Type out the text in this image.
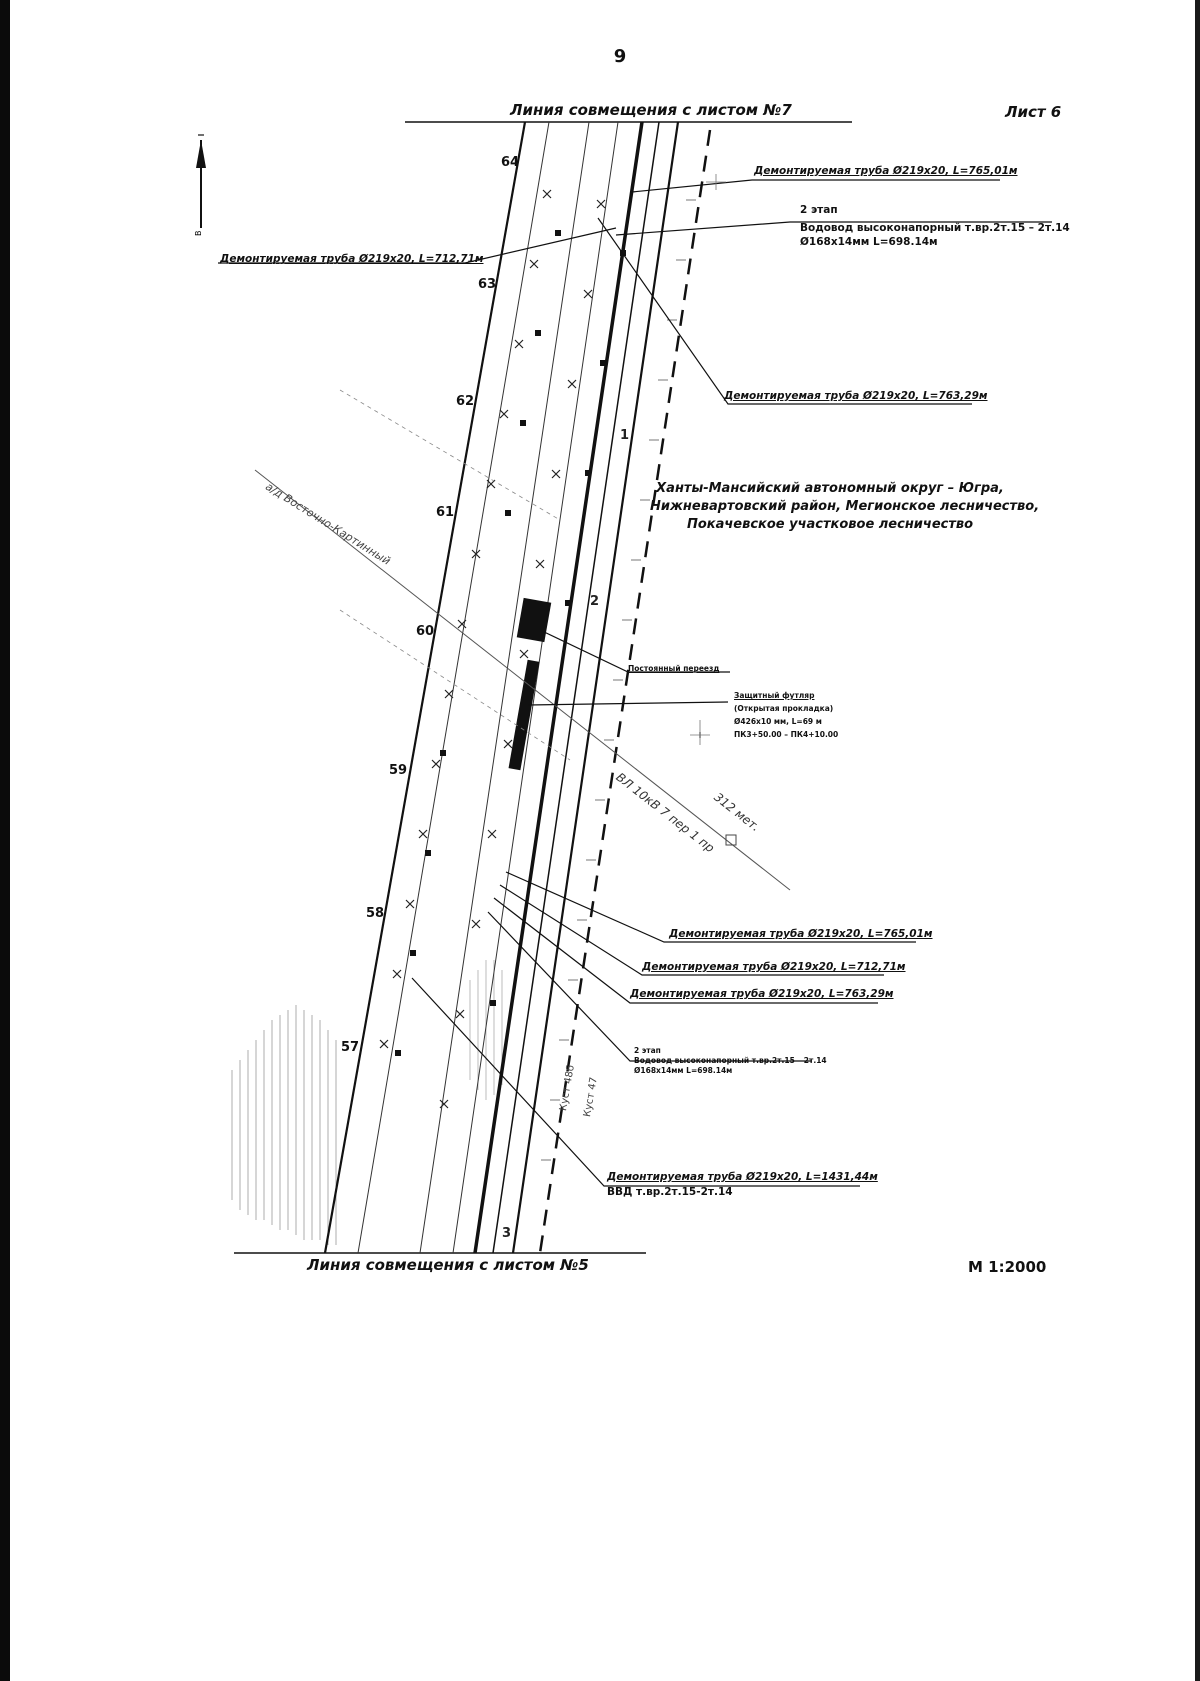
В
9
Лист 6
Линия совмещения с листом №7
Линия совмещения с листом №5	М 1:2000
Ханты-Мансийский автономный округ – Югра,
Нижневартовский район, Мегионское лесничество,
Покачевское участковое лесничество
64
63
62
61
60
59
58
57
Демонтируемая труба Ø219x20, L=765,01м
2 этап
Водовод высоконапорный т.вр.2т.15 – 2т.14
Ø168x14мм L=698.14м
Демонтируемая труба Ø219x20, L=712,71м
Демонтируемая труба Ø219x20, L=763,29м
Постоянный переезд
Защитный футляр
(Открытая прокладка)
Ø426x10 мм, L=69 м
ПК3+50.00 – ПК4+10.00
Демонтируемая труба Ø219x20, L=765,01м
Демонтируемая труба Ø219x20, L=712,71м
Демонтируемая труба Ø219x20, L=763,29м
2 этап
Водовод высоконапорный т.вр.2т.15 – 2т.14
Ø168x14мм L=698.14м
Демонтируемая труба Ø219x20, L=1431,44м
ВВД т.вр.2т.15-2т.14
ВЛ 10кВ 7 пер 1 пр
312 мет.
а/д Восточно-Картинный
Куст 48б Куст 47
1
2
3
